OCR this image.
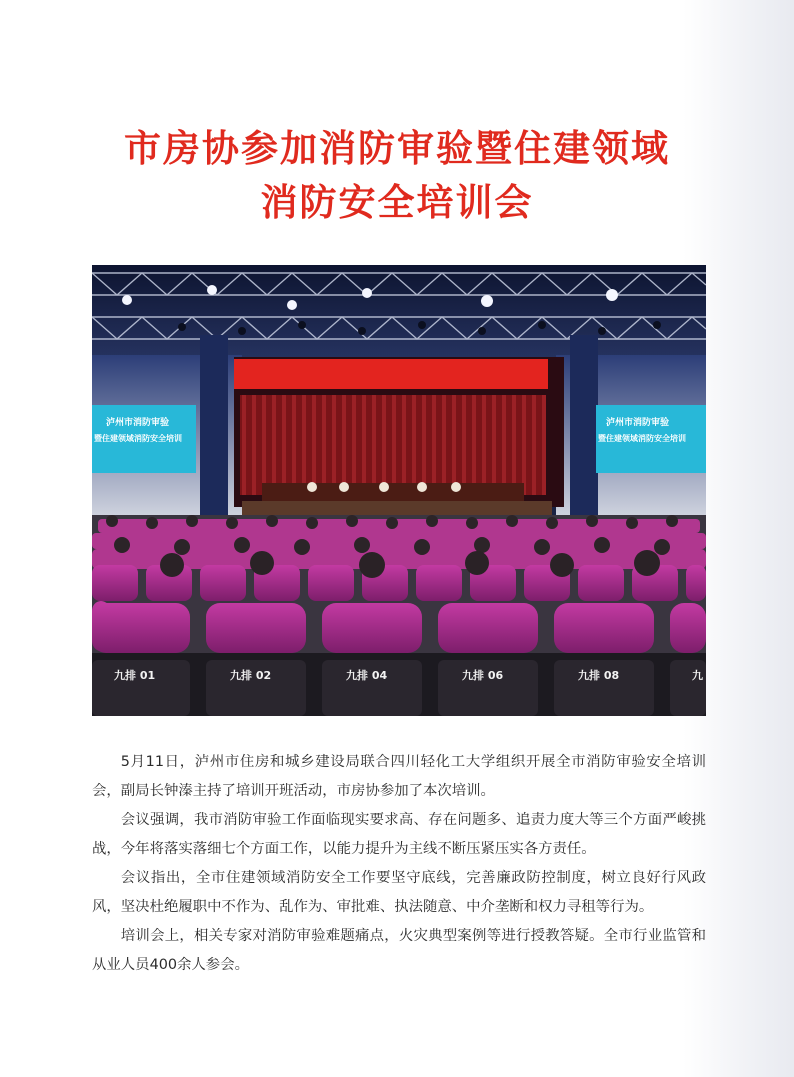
市房协参加消防审验暨住建领域
消防安全培训会
泸州市消防审验
暨住建领域消防安全培训
泸州市消防审验
暨住建领域消防安全培训
九排 01	九排 02	九排 04	九排 06	九排 08	九

5月11日，泸州市住房和城乡建设局联合四川轻化工大学组织开展全市消防审验安全培训会，副局长钟溱主持了培训开班活动，市房协参加了本次培训。

会议强调，我市消防审验工作面临现实要求高、存在问题多、追责力度大等三个方面严峻挑战，今年将落实落细七个方面工作，以能力提升为主线不断压紧压实各方责任。

会议指出，全市住建领域消防安全工作要坚守底线，完善廉政防控制度，树立良好行风政风，坚决杜绝履职中不作为、乱作为、审批难、执法随意、中介垄断和权力寻租等行为。

培训会上，相关专家对消防审验难题痛点，火灾典型案例等进行授教答疑。全市行业监管和从业人员400余人参会。
